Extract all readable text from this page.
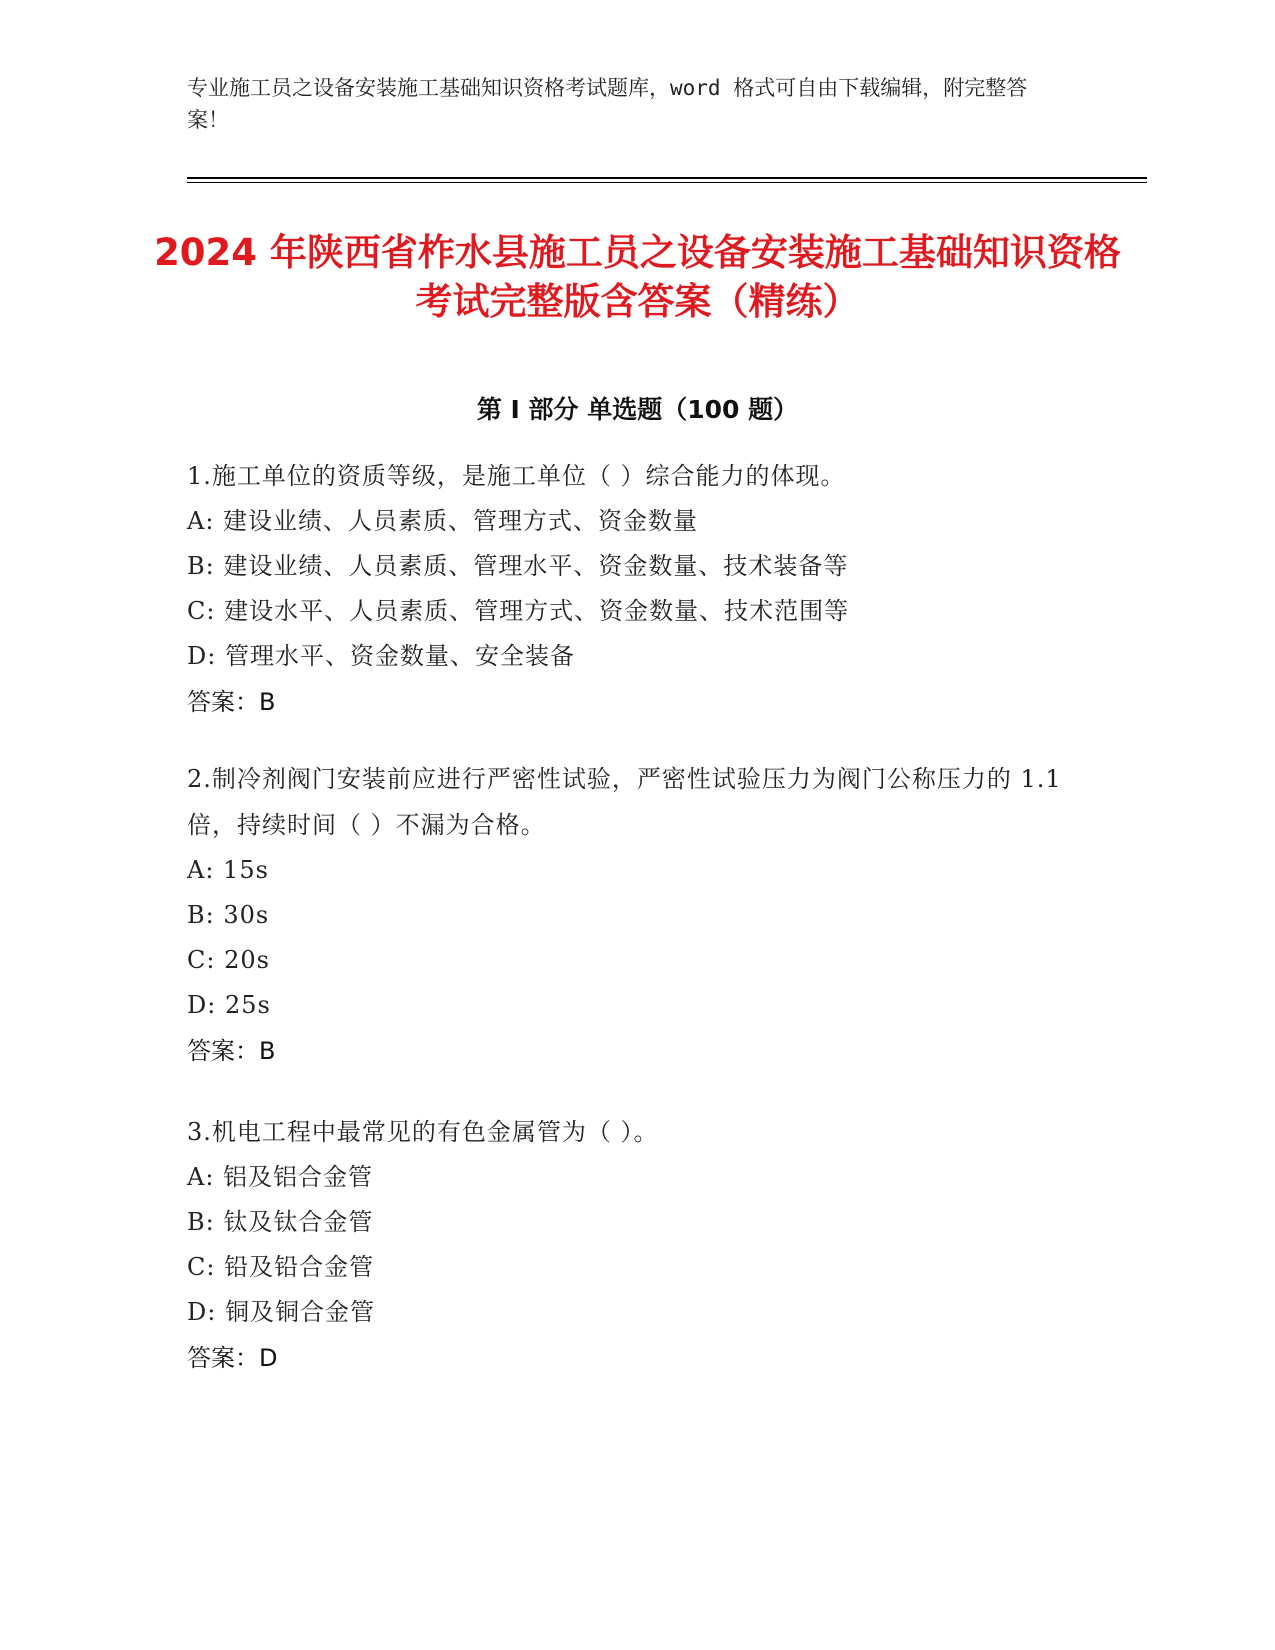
专业施工员之设备安装施工基础知识资格考试题库，word 格式可自由下载编辑，附完整答案！
2024 年陕西省柞水县施工员之设备安装施工基础知识资格考试完整版含答案（精练）
第 I 部分 单选题（100 题）

1.施工单位的资质等级，是施工单位（ ）综合能力的体现。

A: 建设业绩、人员素质、管理方式、资金数量

B: 建设业绩、人员素质、管理水平、资金数量、技术装备等

C: 建设水平、人员素质、管理方式、资金数量、技术范围等

D: 管理水平、资金数量、安全装备

答案：B

2.制冷剂阀门安装前应进行严密性试验，严密性试验压力为阀门公称压力的 1.1 倍，持续时间（ ）不漏为合格。

A: 15s

B: 30s

C: 20s

D: 25s

答案：B

3.机电工程中最常见的有色金属管为（ ）。

A: 铝及铝合金管

B: 钛及钛合金管

C: 铅及铅合金管

D: 铜及铜合金管

答案：D
